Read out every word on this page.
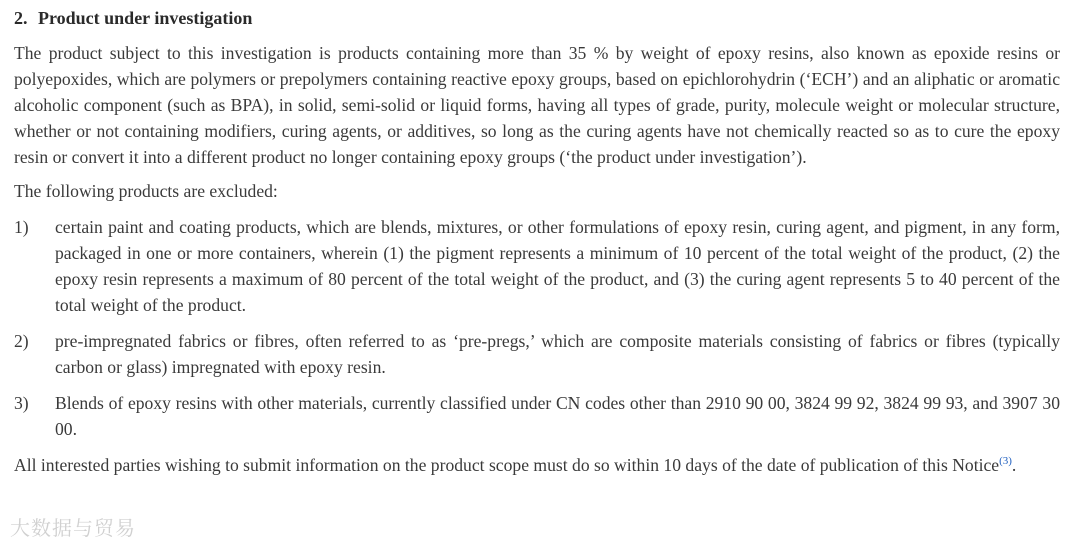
2. Product under investigation

The product subject to this investigation is products containing more than 35 % by weight of epoxy resins, also known as epoxide resins or polyepoxides, which are polymers or prepolymers containing reactive epoxy groups, based on epichlorohydrin (‘ECH’) and an aliphatic or aromatic alcoholic component (such as BPA), in solid, semi-solid or liquid forms, having all types of grade, purity, molecule weight or molecular structure, whether or not containing modifiers, curing agents, or additives, so long as the curing agents have not chemically reacted so as to cure the epoxy resin or convert it into a different product no longer containing epoxy groups (‘the product under investigation’).

The following products are excluded:

1)	certain paint and coating products, which are blends, mixtures, or other formulations of epoxy resin, curing agent, and pigment, in any form, packaged in one or more containers, wherein (1) the pigment represents a minimum of 10 percent of the total weight of the product, (2) the epoxy resin represents a maximum of 80 percent of the total weight of the product, and (3) the curing agent represents 5 to 40 percent of the total weight of the product.
2)	pre-impregnated fabrics or fibres, often referred to as ‘pre-pregs,’ which are composite materials consisting of fabrics or fibres (typically carbon or glass) impregnated with epoxy resin.
3)	Blends of epoxy resins with other materials, currently classified under CN codes other than 2910 90 00, 3824 99 92, 3824 99 93, and 3907 30 00.

All interested parties wishing to submit information on the product scope must do so within 10 days of the date of publication of this Notice$^{(3)}$.

大数据与贸易
